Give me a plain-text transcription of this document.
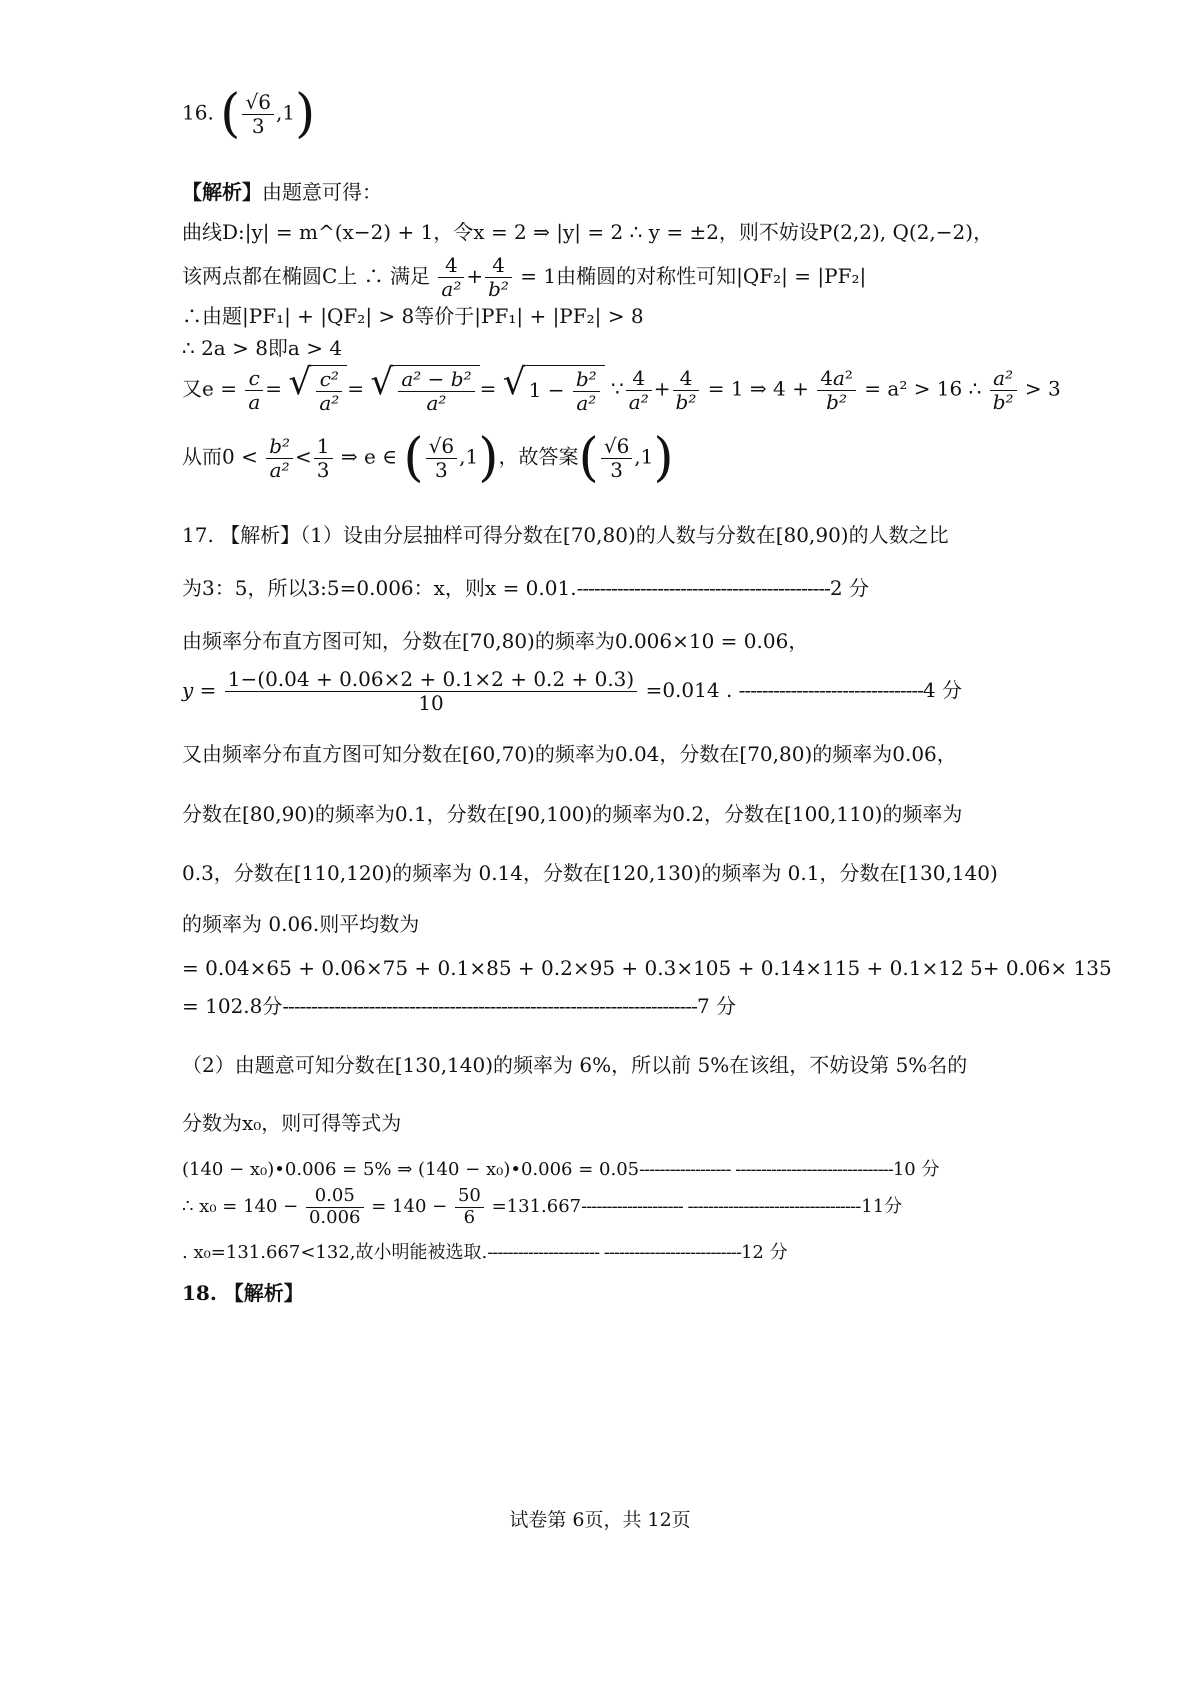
16. ( $\frac{√6}{3} ,1$)
【解析】由题意可得：
曲线D:|y| = m^(x−2) + 1，令x = 2 ⇒ |y| = 2 ∴ y = ±2，则不妨设P(2,2), Q(2,−2)，
该两点都在椭圆C上 ∴ 满足 $\frac{4}{\text{a²}} + \frac{4}{\text{b²}} = 1$由椭圆的对称性可知|QF₂| = |PF₂|
∴由题|PF₁| + |QF₂| > 8等价于|PF₁| + |PF₂| > 8
∴ 2a > 8即a > 4
又$e = \frac{c}{a}$ = √ $\frac{\text{c²}}{\text{a²}}$ = √ $\frac{\text{a² − b²}}{\text{a²}}$ = √ $1 - \frac{\text{b²}}{\text{a²}}$ ∵ $\frac{4}{\text{a²}} + \frac{4}{\text{b²}} = 1$ ⇒ $4 + \frac{\text{4a²}}{\text{b²}} = a^2 > 16$ ∴ $\frac{\text{a²}}{\text{b²}} > 3$
从而$0 < \frac{\text{b²}}{\text{a²}} < \frac{1}{3}$ ⇒ e ∈ ( $\frac{√6}{3} ,1$)，故答案( $\frac{√6}{3} ,1$)
17. 【解析】（1）设由分层抽样可得分数在[70,80)的人数与分数在[80,90)的人数之比
为3：5，所以3:5=0.006：x，则x = 0.01.--------------------------------------------2 分
由频率分布直方图可知，分数在[70,80)的频率为0.006×10 = 0.06，
$y = \frac{1-(0.04 + 0.06\times 2 + 0.1\times 2 + 0.2 + 0.3)}{10} =0.014$ . --------------------------------4 分
又由频率分布直方图可知分数在[60,70)的频率为0.04，分数在[70,80)的频率为0.06，
分数在[80,90)的频率为0.1，分数在[90,100)的频率为0.2，分数在[100,110)的频率为
0.3，分数在[110,120)的频率为 0.14，分数在[120,130)的频率为 0.1，分数在[130,140)
的频率为 0.06.则平均数为
= 0.04×65 + 0.06×75 + 0.1×85 + 0.2×95 + 0.3×105 + 0.14×115 + 0.1×12 5+ 0.06× 135
= 102.8分------------------------------------------------------------------------7 分
（2）由题意可知分数在[130,140)的频率为 6%，所以前 5%在该组，不妨设第 5%名的
分数为x₀，则可得等式为
(140 − x₀)•0.006 = 5% ⇒ (140 − x₀)•0.006 = 0.05------------------ -------------------------------10 分
∴ $x_0 = 140 - \frac{0.05}{0.006} = 140 - \frac{50}{6} =131.667--------------------$ ----------------------------------11分
. x₀=131.667<132,故小明能被选取.---------------------- ---------------------------12 分
18. 【解析】
试卷第 6页，共 12页
